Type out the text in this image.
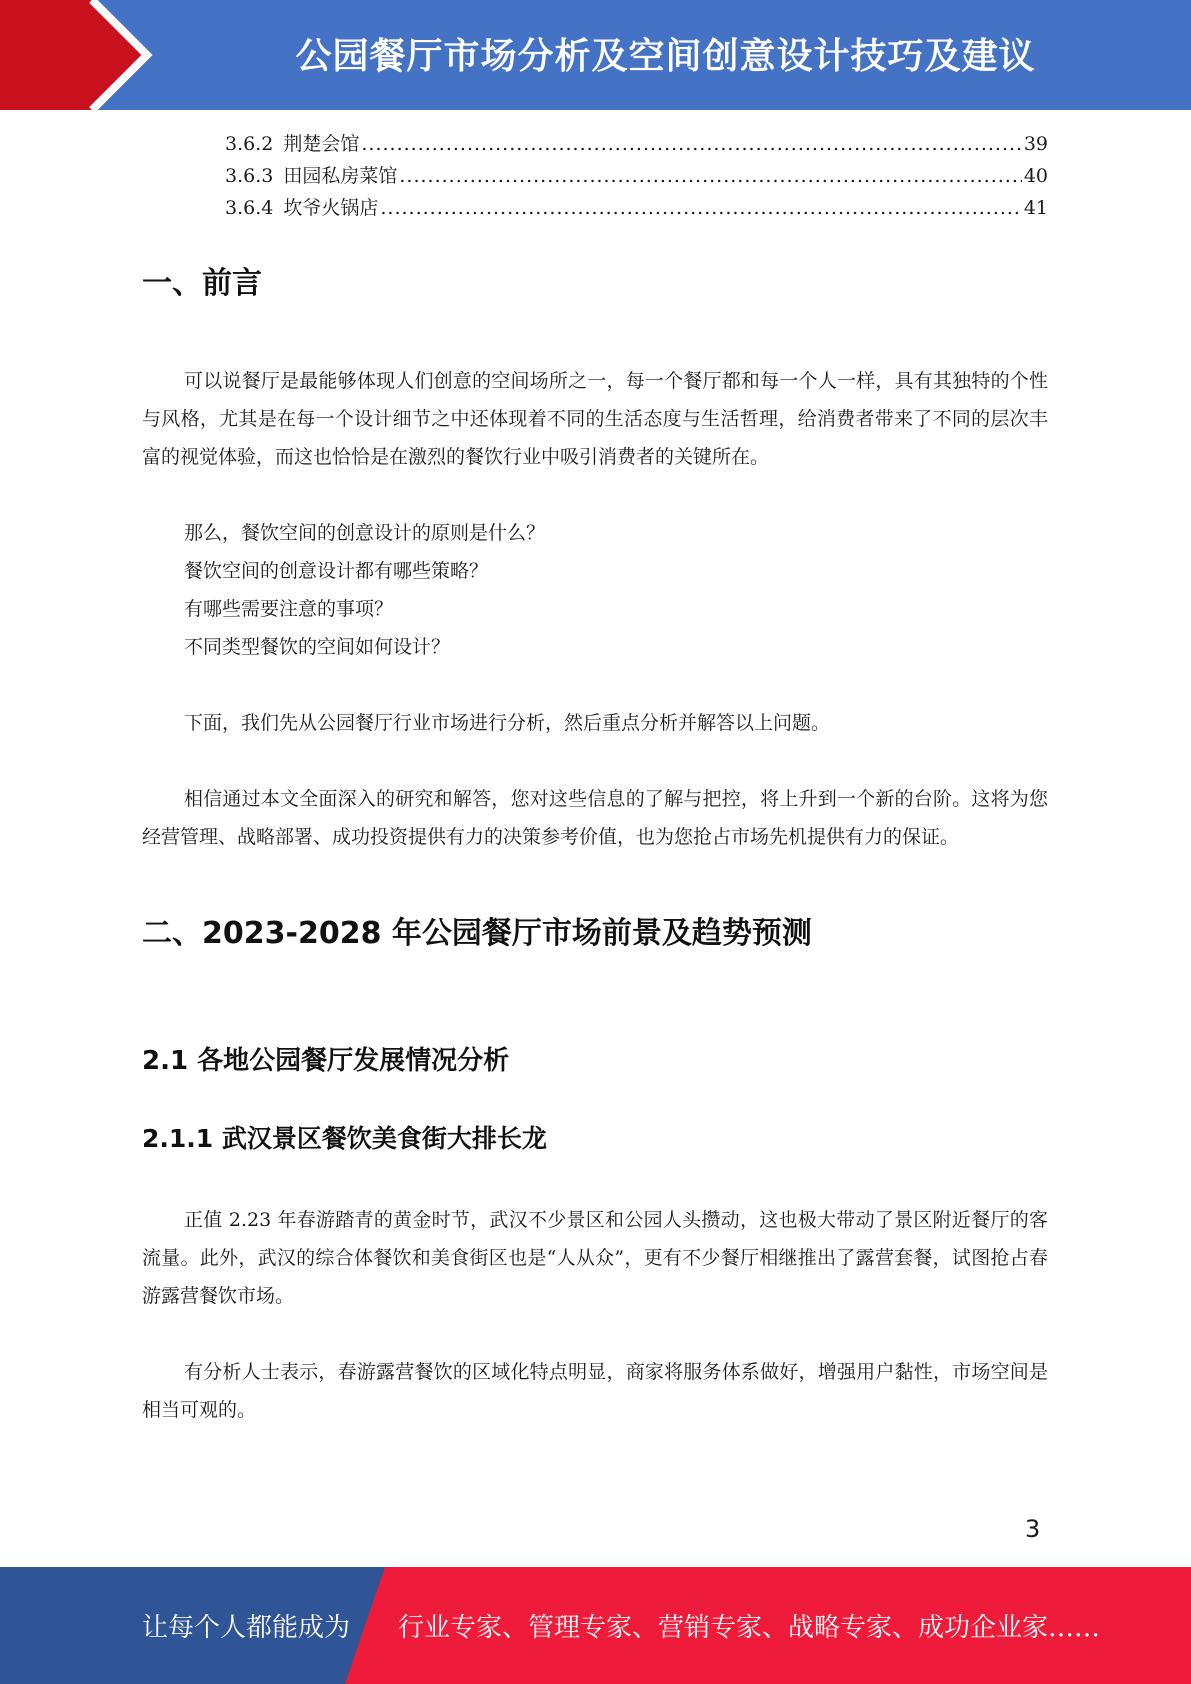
公园餐厅市场分析及空间创意设计技巧及建议
3.6.2 荆楚会馆 .....	39
3.6.3 田园私房菜馆 .....	40
3.6.4 坎爷火锅店 .....	41
一、前言

可以说餐厅是最能够体现人们创意的空间场所之一，每一个餐厅都和每一个人一样，具有其独特的个性与风格，尤其是在每一个设计细节之中还体现着不同的生活态度与生活哲理，给消费者带来了不同的层次丰富的视觉体验，而这也恰恰是在激烈的餐饮行业中吸引消费者的关键所在。

那么，餐饮空间的创意设计的原则是什么？

餐饮空间的创意设计都有哪些策略？

有哪些需要注意的事项？

不同类型餐饮的空间如何设计？

下面，我们先从公园餐厅行业市场进行分析，然后重点分析并解答以上问题。

相信通过本文全面深入的研究和解答，您对这些信息的了解与把控，将上升到一个新的台阶。这将为您经营管理、战略部署、成功投资提供有力的决策参考价值，也为您抢占市场先机提供有力的保证。

二、2023-2028 年公园餐厅市场前景及趋势预测
2.1 各地公园餐厅发展情况分析
2.1.1 武汉景区餐饮美食街大排长龙

正值 2.23 年春游踏青的黄金时节，武汉不少景区和公园人头攒动，这也极大带动了景区附近餐厅的客流量。此外，武汉的综合体餐饮和美食街区也是“人从众”，更有不少餐厅相继推出了露营套餐，试图抢占春游露营餐饮市场。

有分析人士表示，春游露营餐饮的区域化特点明显，商家将服务体系做好，增强用户黏性，市场空间是相当可观的。

3
让每个人都能成为 行业专家、管理专家、营销专家、战略专家、成功企业家……
